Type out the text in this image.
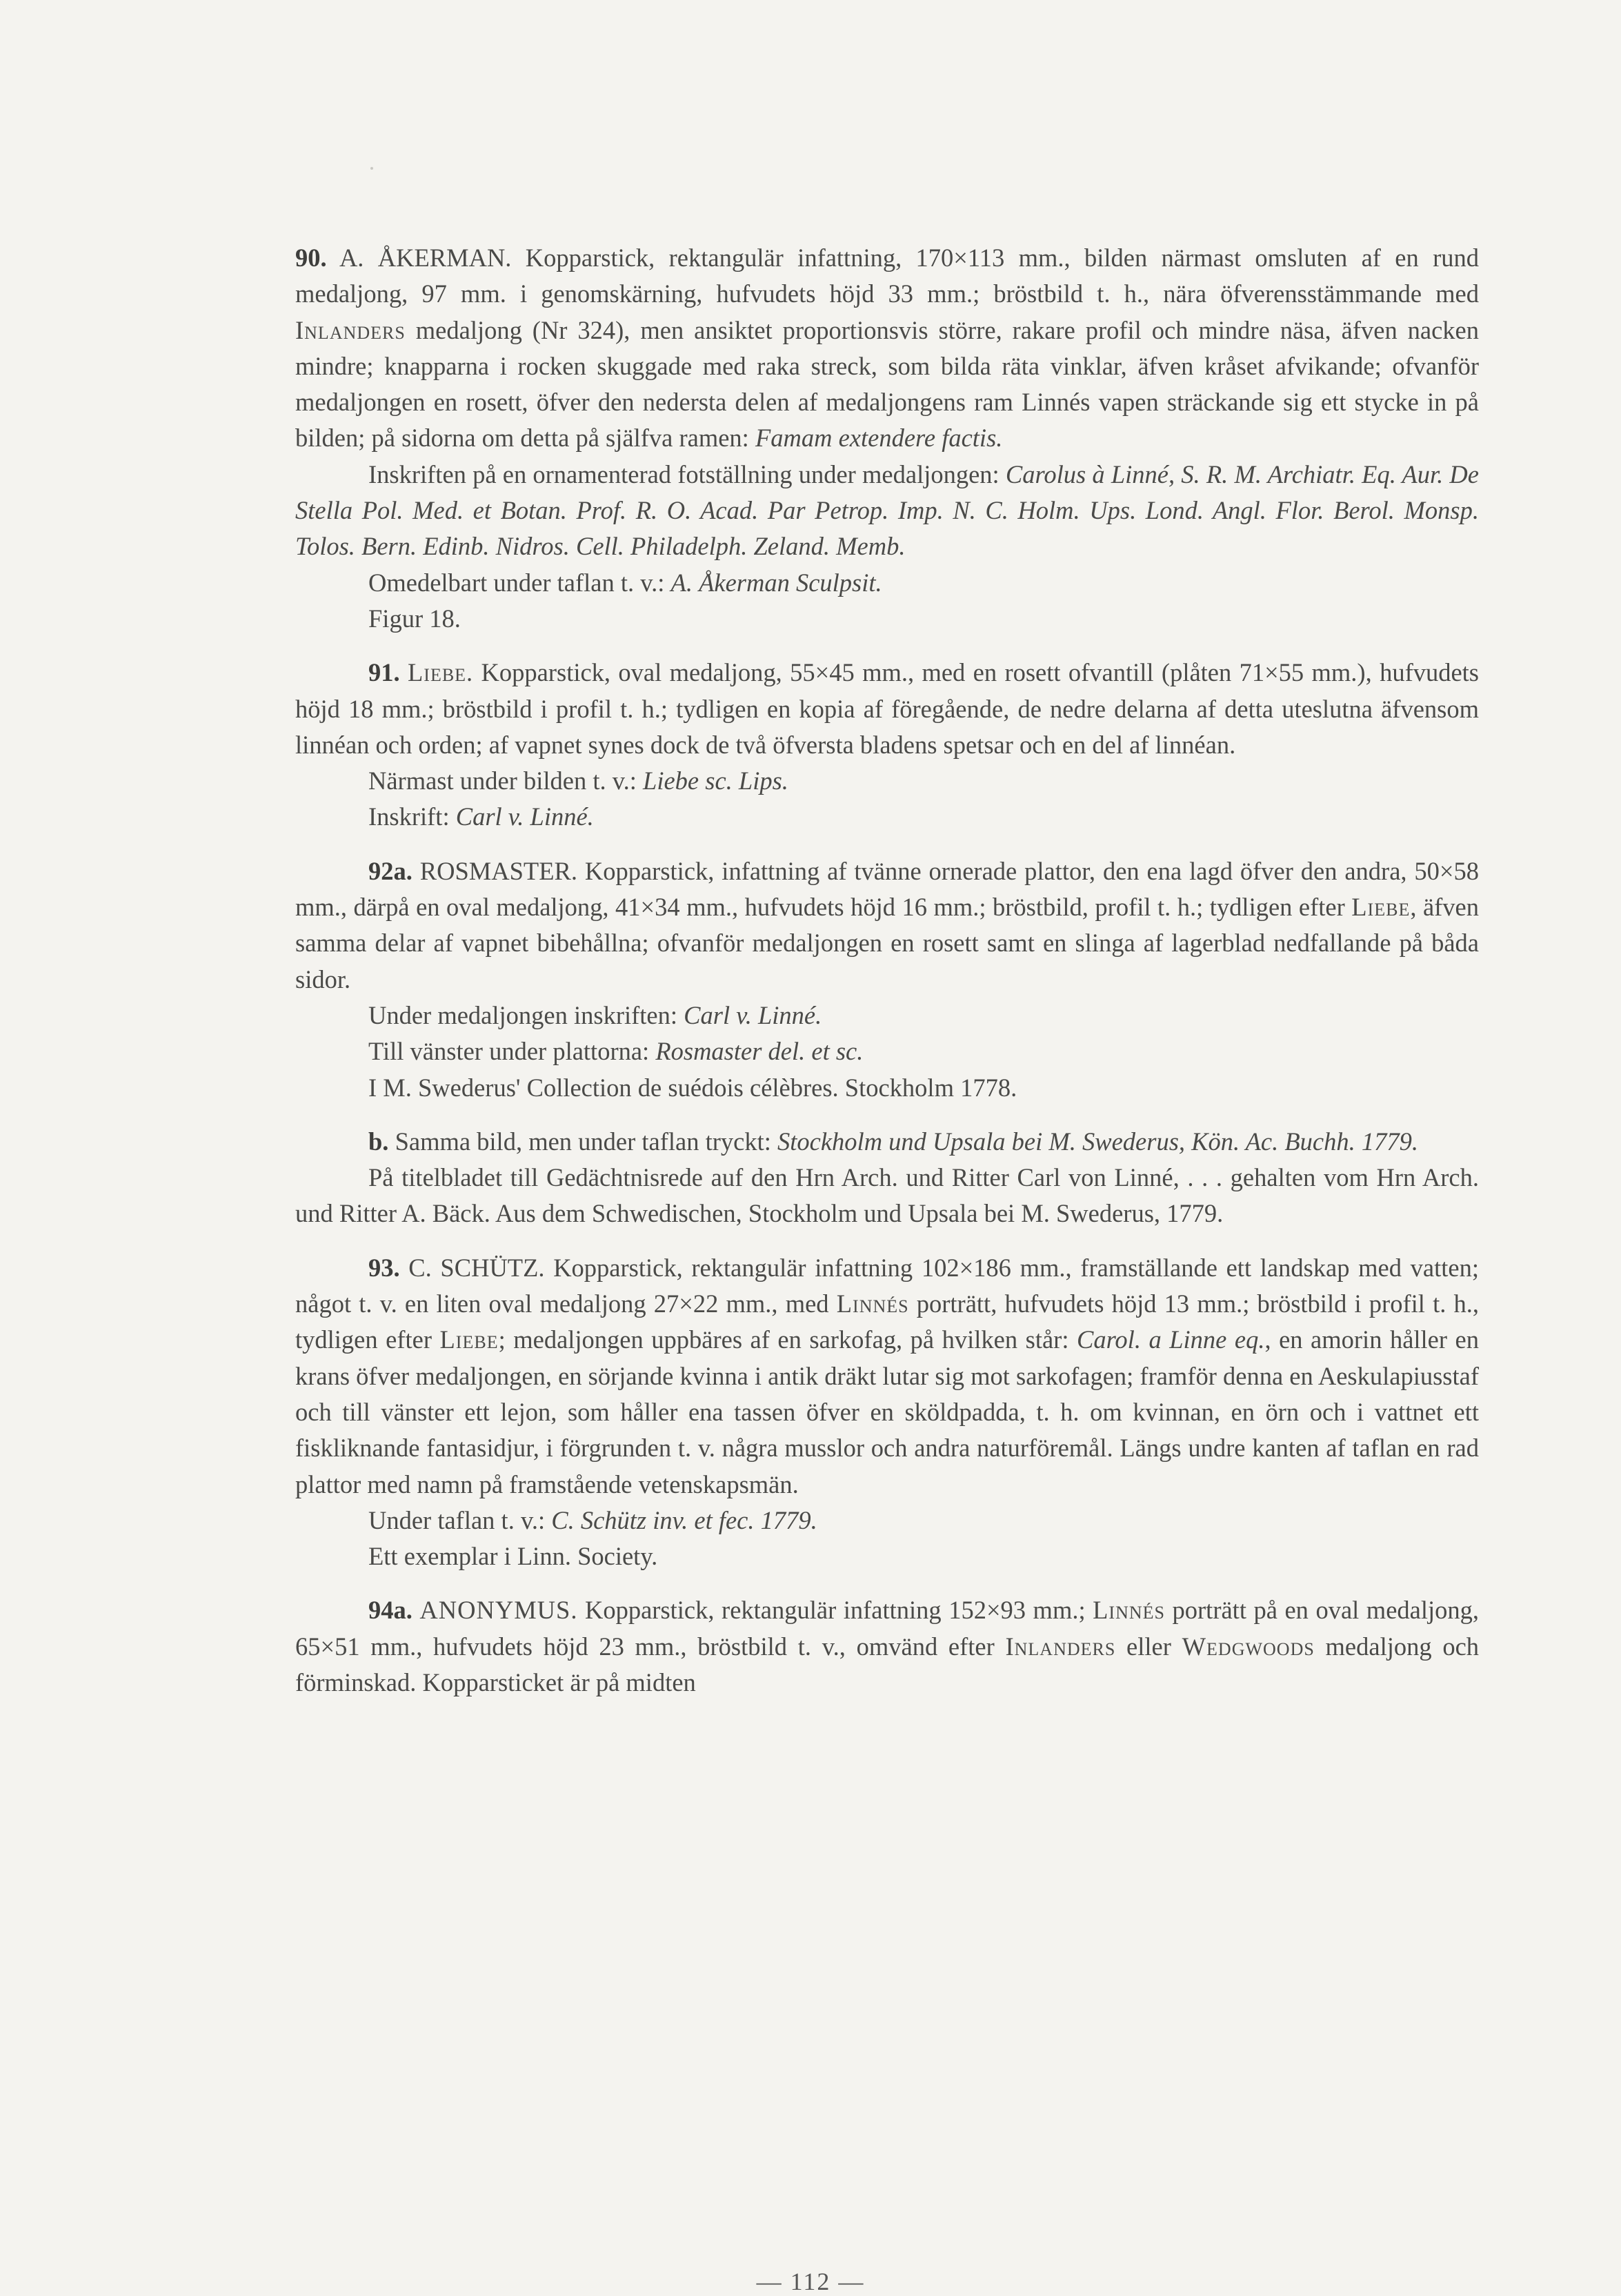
90. A. ÅKERMAN. Kopparstick, rektangulär infattning, 170×113 mm., bilden närmast omsluten af en rund medaljong, 97 mm. i genomskärning, hufvudets höjd 33 mm.; bröstbild t. h., nära öfverensstämmande med Inlanders medaljong (Nr 324), men ansiktet proportionsvis större, rakare profil och mindre näsa, äfven nacken mindre; knapparna i rocken skuggade med raka streck, som bilda räta vinklar, äfven kråset afvikande; ofvanför medaljongen en rosett, öfver den nedersta delen af medaljongens ram Linnés vapen sträckande sig ett stycke in på bilden; på sidorna om detta på själfva ramen: Famam extendere factis.

Inskriften på en ornamenterad fotställning under medaljongen: Carolus à Linné, S. R. M. Archiatr. Eq. Aur. De Stella Pol. Med. et Botan. Prof. R. O. Acad. Par Petrop. Imp. N. C. Holm. Ups. Lond. Angl. Flor. Berol. Monsp. Tolos. Bern. Edinb. Nidros. Cell. Philadelph. Zeland. Memb.

Omedelbart under taflan t. v.: A. Åkerman Sculpsit.

Figur 18.

91. Liebe. Kopparstick, oval medaljong, 55×45 mm., med en rosett ofvantill (plåten 71×55 mm.), hufvudets höjd 18 mm.; bröstbild i profil t. h.; tydligen en kopia af föregående, de nedre delarna af detta uteslutna äfvensom linnéan och orden; af vapnet synes dock de två öfversta bladens spetsar och en del af linnéan.

Närmast under bilden t. v.: Liebe sc. Lips.

Inskrift: Carl v. Linné.

92a. ROSMASTER. Kopparstick, infattning af tvänne ornerade plattor, den ena lagd öfver den andra, 50×58 mm., därpå en oval medaljong, 41×34 mm., hufvudets höjd 16 mm.; bröstbild, profil t. h.; tydligen efter Liebe, äfven samma delar af vapnet bibehållna; ofvanför medaljongen en rosett samt en slinga af lagerblad nedfallande på båda sidor.

Under medaljongen inskriften: Carl v. Linné.

Till vänster under plattorna: Rosmaster del. et sc.

I M. Swederus' Collection de suédois célèbres. Stockholm 1778.

b. Samma bild, men under taflan tryckt: Stockholm und Upsala bei M. Swederus, Kön. Ac. Buchh. 1779.

På titelbladet till Gedächtnisrede auf den Hrn Arch. und Ritter Carl von Linné, . . . gehalten vom Hrn Arch. und Ritter A. Bäck. Aus dem Schwedischen, Stockholm und Upsala bei M. Swederus, 1779.

93. C. SCHÜTZ. Kopparstick, rektangulär infattning 102×186 mm., framställande ett landskap med vatten; något t. v. en liten oval medaljong 27×22 mm., med Linnés porträtt, hufvudets höjd 13 mm.; bröstbild i profil t. h., tydligen efter Liebe; medaljongen uppbäres af en sarkofag, på hvilken står: Carol. a Linne eq., en amorin håller en krans öfver medaljongen, en sörjande kvinna i antik dräkt lutar sig mot sarkofagen; framför denna en Aeskulapiusstaf och till vänster ett lejon, som håller ena tassen öfver en sköldpadda, t. h. om kvinnan, en örn och i vattnet ett fiskliknande fantasidjur, i förgrunden t. v. några musslor och andra naturföremål. Längs undre kanten af taflan en rad plattor med namn på framstående vetenskapsmän.

Under taflan t. v.: C. Schütz inv. et fec. 1779.

Ett exemplar i Linn. Society.

94a. ANONYMUS. Kopparstick, rektangulär infattning 152×93 mm.; Linnés porträtt på en oval medaljong, 65×51 mm., hufvudets höjd 23 mm., bröstbild t. v., omvänd efter Inlanders eller Wedgwoods medaljong och förminskad. Kopparsticket är på midten

— 112 —
